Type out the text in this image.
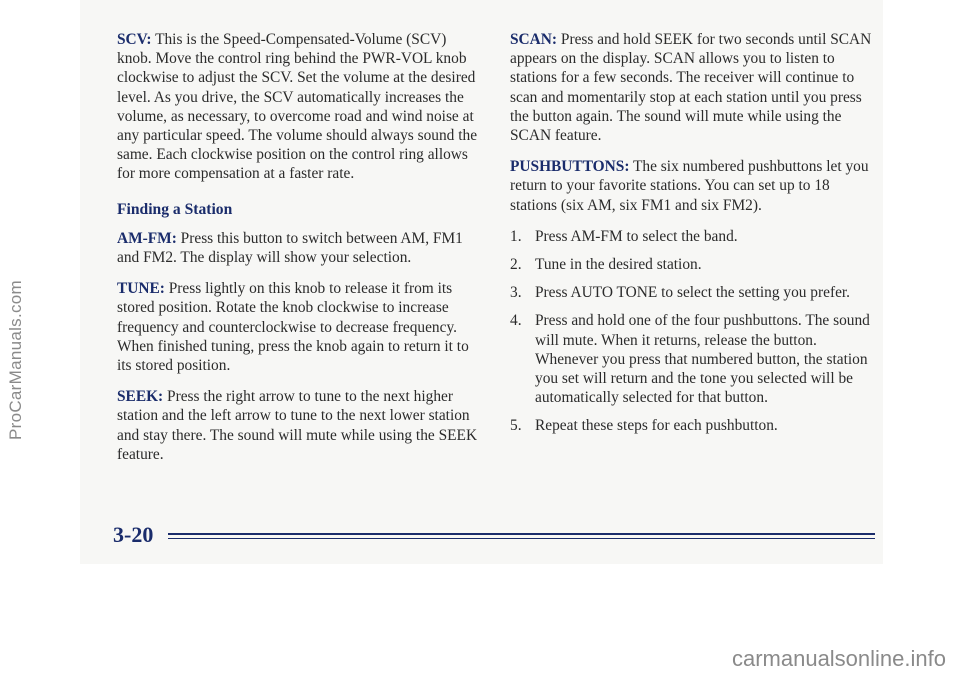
SCV: This is the Speed-Compensated-Volume (SCV) knob. Move the control ring behind the PWR-VOL knob clockwise to adjust the SCV. Set the volume at the desired level. As you drive, the SCV automatically increases the volume, as necessary, to overcome road and wind noise at any particular speed. The volume should always sound the same. Each clockwise position on the control ring allows for more compensation at a faster rate.

Finding a Station

AM-FM: Press this button to switch between AM, FM1 and FM2. The display will show your selection.

TUNE: Press lightly on this knob to release it from its stored position. Rotate the knob clockwise to increase frequency and counterclockwise to decrease frequency. When finished tuning, press the knob again to return it to its stored position.

SEEK: Press the right arrow to tune to the next higher station and the left arrow to tune to the next lower station and stay there. The sound will mute while using the SEEK feature.

SCAN: Press and hold SEEK for two seconds until SCAN appears on the display. SCAN allows you to listen to stations for a few seconds. The receiver will continue to scan and momentarily stop at each station until you press the button again. The sound will mute while using the SCAN feature.

PUSHBUTTONS: The six numbered pushbuttons let you return to your favorite stations. You can set up to 18 stations (six AM, six FM1 and six FM2).

1. Press AM-FM to select the band.
2. Tune in the desired station.
3. Press AUTO TONE to select the setting you prefer.
4. Press and hold one of the four pushbuttons. The sound will mute. When it returns, release the button. Whenever you press that numbered button, the station you set will return and the tone you selected will be automatically selected for that button.
5. Repeat these steps for each pushbutton.
3-20
ProCarManuals.com
carmanualsonline.info
